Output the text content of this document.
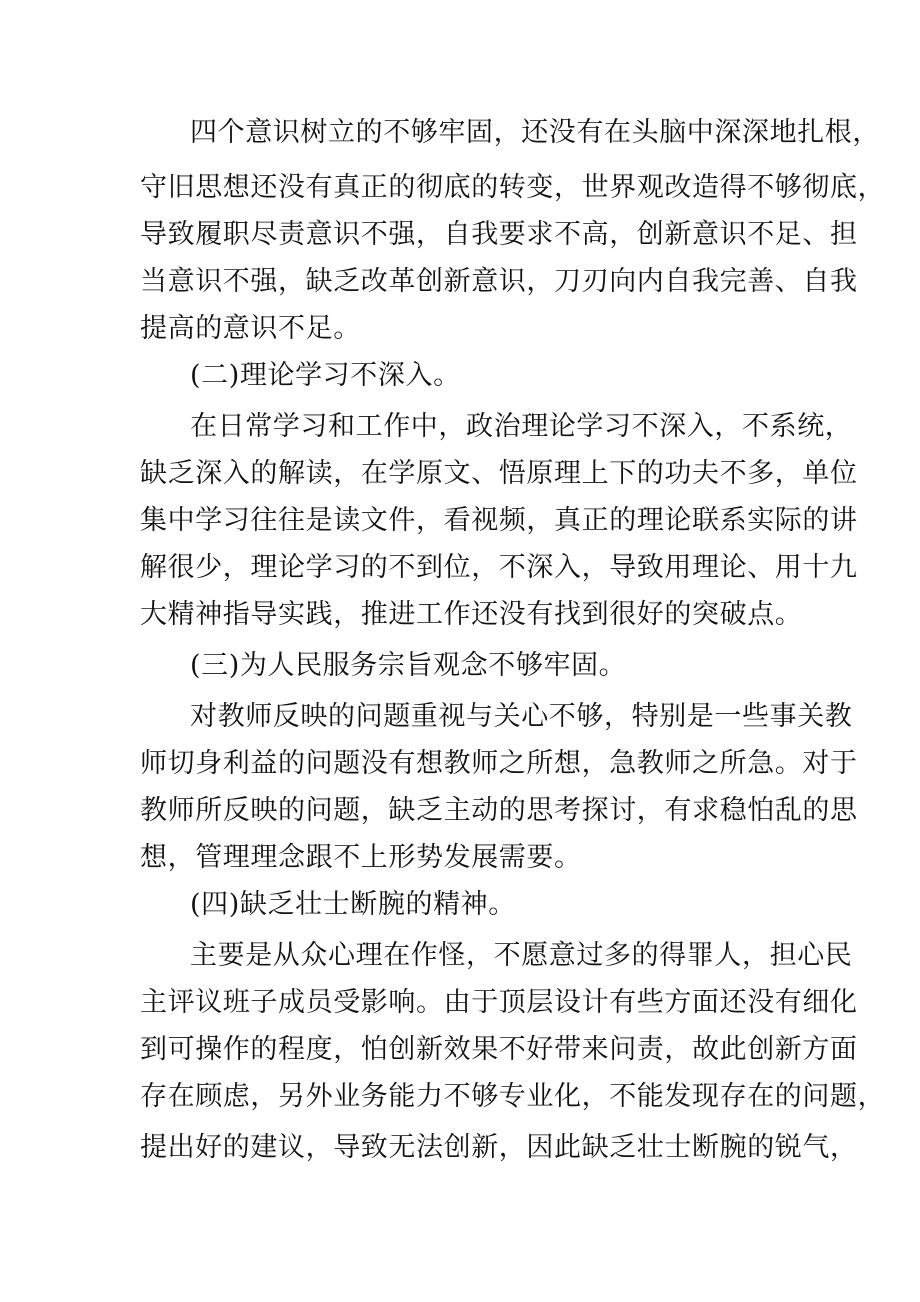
四个意识树立的不够牢固，还没有在头脑中深深地扎根，

守旧思想还没有真正的彻底的转变，世界观改造得不够彻底，

导致履职尽责意识不强，自我要求不高，创新意识不足、担

当意识不强，缺乏改革创新意识，刀刃向内自我完善、自我

提高的意识不足。

(二)理论学习不深入。

在日常学习和工作中，政治理论学习不深入，不系统，

缺乏深入的解读，在学原文、悟原理上下的功夫不多，单位

集中学习往往是读文件，看视频，真正的理论联系实际的讲

解很少，理论学习的不到位，不深入，导致用理论、用十九

大精神指导实践，推进工作还没有找到很好的突破点。

(三)为人民服务宗旨观念不够牢固。

对教师反映的问题重视与关心不够，特别是一些事关教

师切身利益的问题没有想教师之所想，急教师之所急。对于

教师所反映的问题，缺乏主动的思考探讨，有求稳怕乱的思

想，管理理念跟不上形势发展需要。

(四)缺乏壮士断腕的精神。

主要是从众心理在作怪，不愿意过多的得罪人，担心民

主评议班子成员受影响。由于顶层设计有些方面还没有细化

到可操作的程度，怕创新效果不好带来问责，故此创新方面

存在顾虑，另外业务能力不够专业化，不能发现存在的问题，

提出好的建议，导致无法创新，因此缺乏壮士断腕的锐气，
